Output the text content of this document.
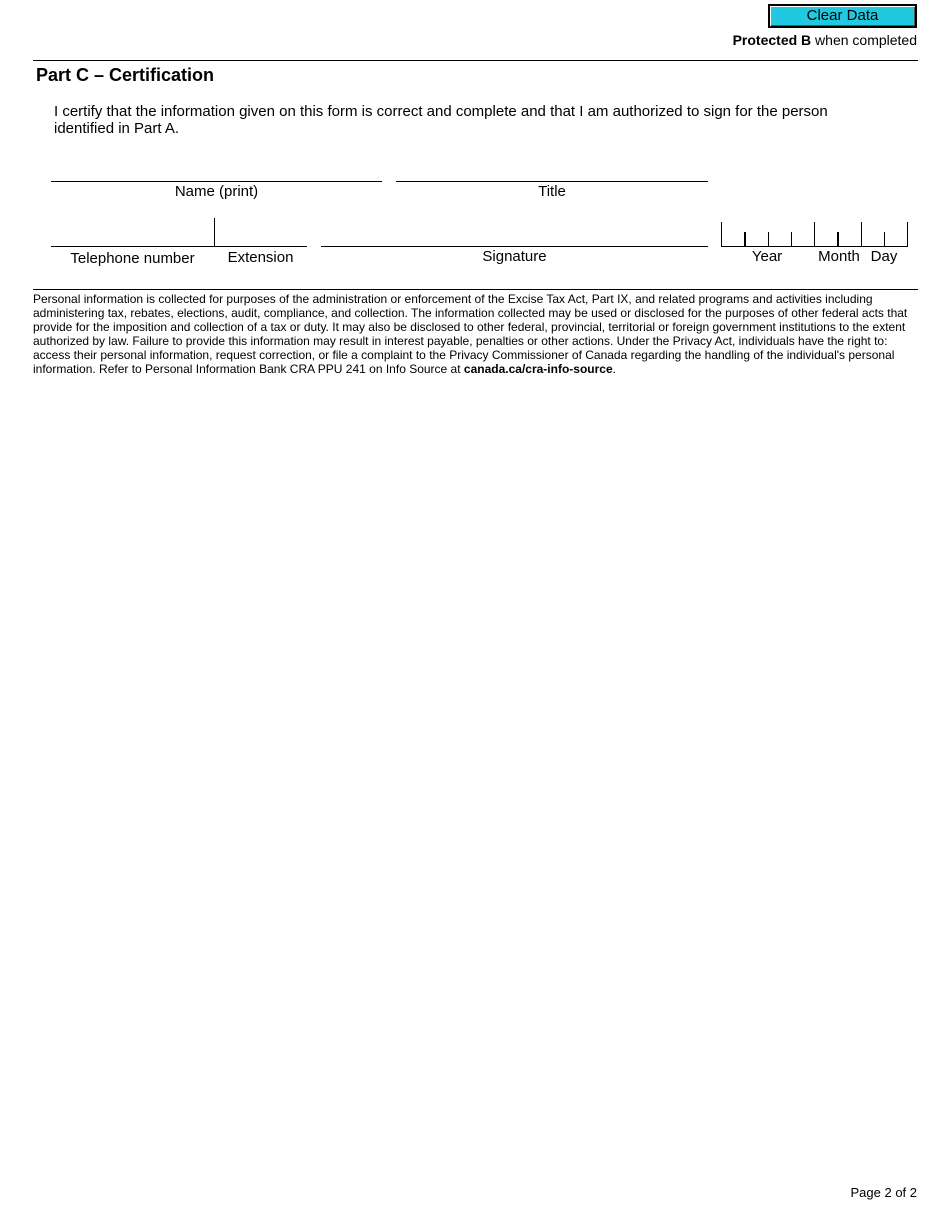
Clear Data
Protected B when completed
Part C – Certification
I certify that the information given on this form is correct and complete and that I am authorized to sign for the person identified in Part A.
Name (print)	Title
Telephone number	Extension	Signature	Year	Month Day
Personal information is collected for purposes of the administration or enforcement of the Excise Tax Act, Part IX, and related programs and activities including administering tax, rebates, elections, audit, compliance, and collection. The information collected may be used or disclosed for the purposes of other federal acts that provide for the imposition and collection of a tax or duty. It may also be disclosed to other federal, provincial, territorial or foreign government institutions to the extent authorized by law. Failure to provide this information may result in interest payable, penalties or other actions. Under the Privacy Act, individuals have the right to: access their personal information, request correction, or file a complaint to the Privacy Commissioner of Canada regarding the handling of the individual's personal information. Refer to Personal Information Bank CRA PPU 241 on Info Source at canada.ca/cra-info-source.
Page 2 of 2
